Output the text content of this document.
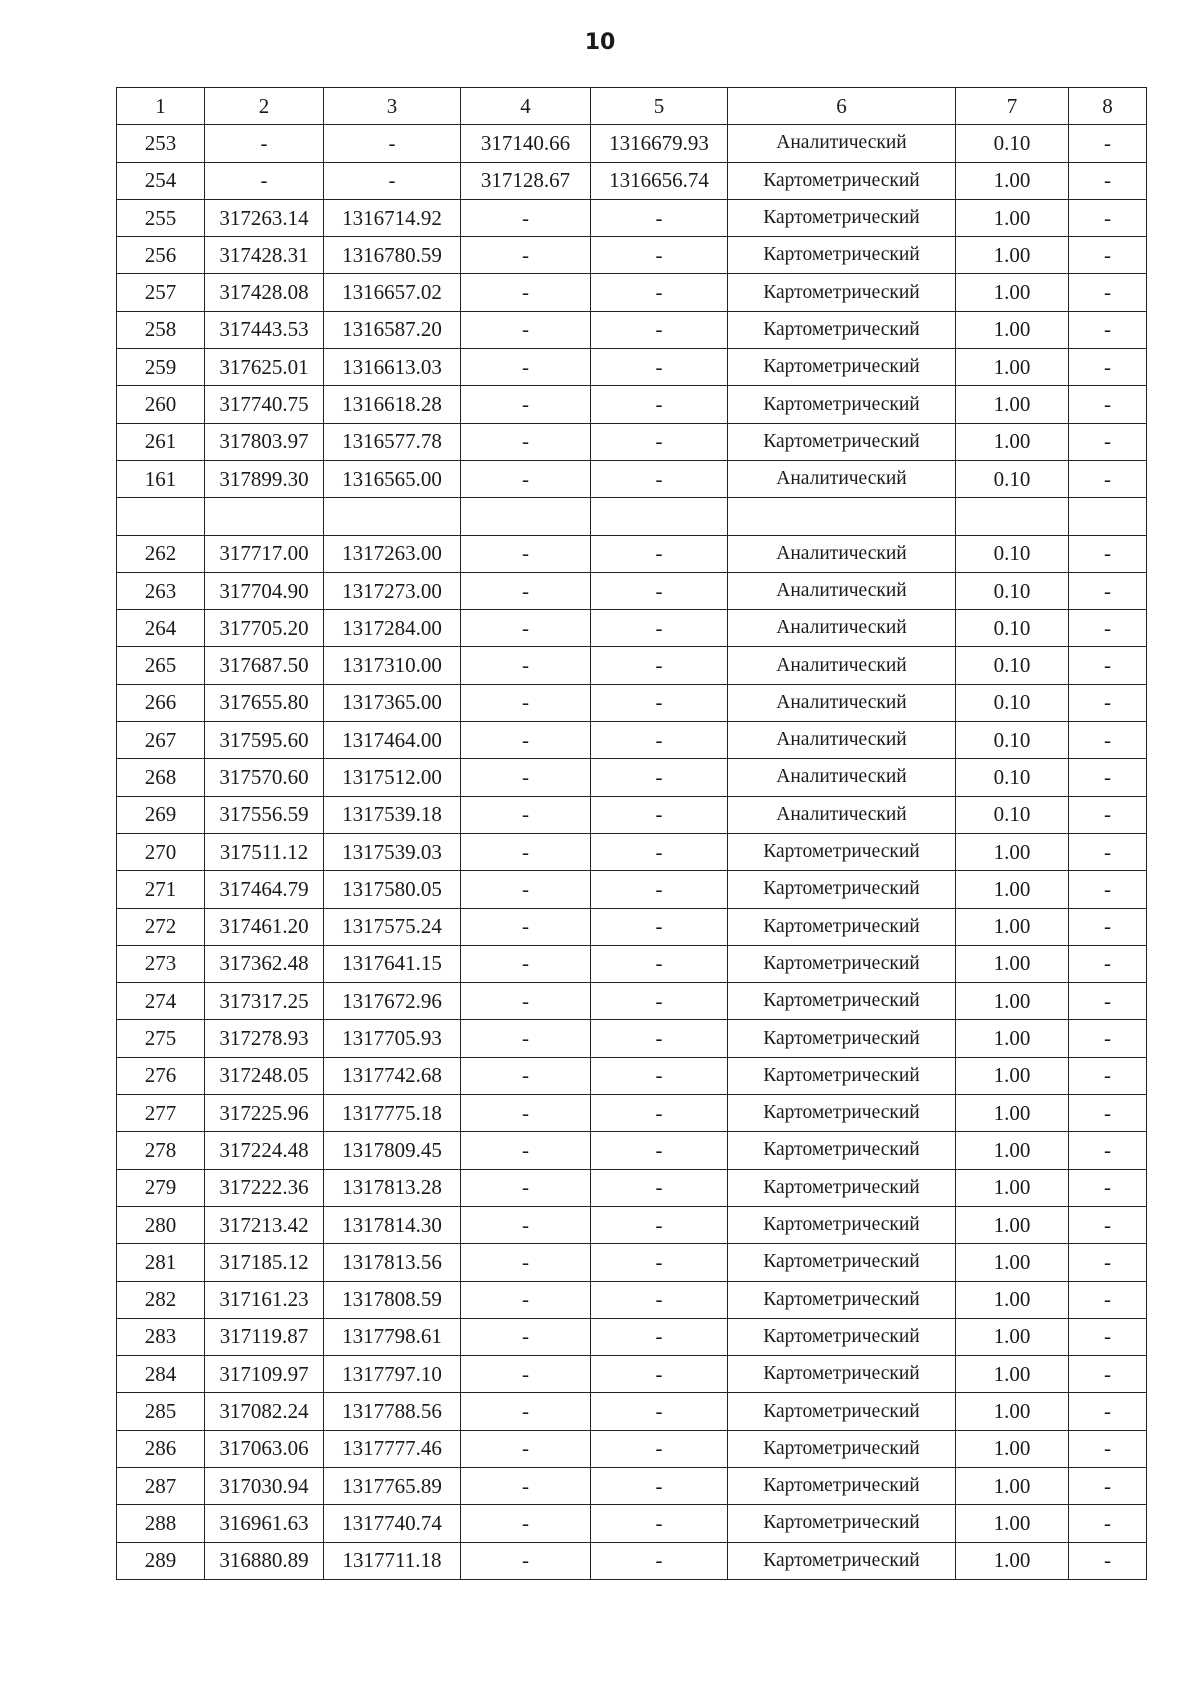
10
1	2	3	4	5	6	7	8
253	-	-	317140.66	1316679.93	Аналитический	0.10	-
254	-	-	317128.67	1316656.74	Картометрический	1.00	-
255	317263.14	1316714.92	-	-	Картометрический	1.00	-
256	317428.31	1316780.59	-	-	Картометрический	1.00	-
257	317428.08	1316657.02	-	-	Картометрический	1.00	-
258	317443.53	1316587.20	-	-	Картометрический	1.00	-
259	317625.01	1316613.03	-	-	Картометрический	1.00	-
260	317740.75	1316618.28	-	-	Картометрический	1.00	-
261	317803.97	1316577.78	-	-	Картометрический	1.00	-
161	317899.30	1316565.00	-	-	Аналитический	0.10	-

262	317717.00	1317263.00	-	-	Аналитический	0.10	-
263	317704.90	1317273.00	-	-	Аналитический	0.10	-
264	317705.20	1317284.00	-	-	Аналитический	0.10	-
265	317687.50	1317310.00	-	-	Аналитический	0.10	-
266	317655.80	1317365.00	-	-	Аналитический	0.10	-
267	317595.60	1317464.00	-	-	Аналитический	0.10	-
268	317570.60	1317512.00	-	-	Аналитический	0.10	-
269	317556.59	1317539.18	-	-	Аналитический	0.10	-
270	317511.12	1317539.03	-	-	Картометрический	1.00	-
271	317464.79	1317580.05	-	-	Картометрический	1.00	-
272	317461.20	1317575.24	-	-	Картометрический	1.00	-
273	317362.48	1317641.15	-	-	Картометрический	1.00	-
274	317317.25	1317672.96	-	-	Картометрический	1.00	-
275	317278.93	1317705.93	-	-	Картометрический	1.00	-
276	317248.05	1317742.68	-	-	Картометрический	1.00	-
277	317225.96	1317775.18	-	-	Картометрический	1.00	-
278	317224.48	1317809.45	-	-	Картометрический	1.00	-
279	317222.36	1317813.28	-	-	Картометрический	1.00	-
280	317213.42	1317814.30	-	-	Картометрический	1.00	-
281	317185.12	1317813.56	-	-	Картометрический	1.00	-
282	317161.23	1317808.59	-	-	Картометрический	1.00	-
283	317119.87	1317798.61	-	-	Картометрический	1.00	-
284	317109.97	1317797.10	-	-	Картометрический	1.00	-
285	317082.24	1317788.56	-	-	Картометрический	1.00	-
286	317063.06	1317777.46	-	-	Картометрический	1.00	-
287	317030.94	1317765.89	-	-	Картометрический	1.00	-
288	316961.63	1317740.74	-	-	Картометрический	1.00	-
289	316880.89	1317711.18	-	-	Картометрический	1.00	-
